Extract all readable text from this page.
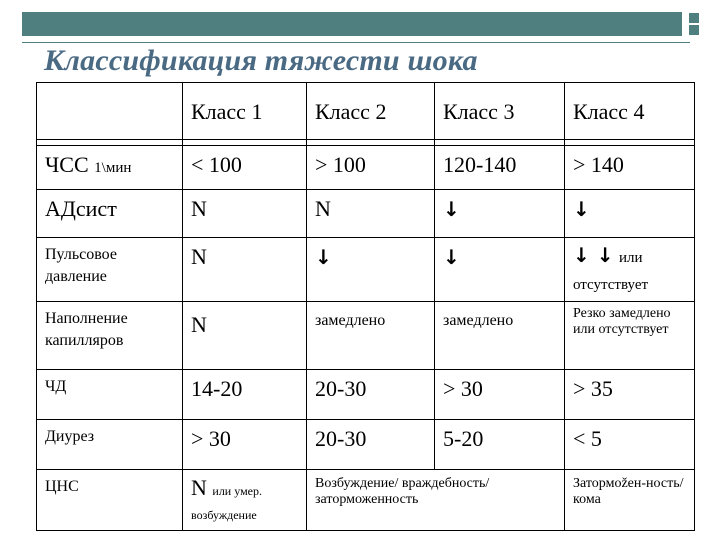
Классификация тяжести шока
	Класс 1	Класс 2	Класс 3	Класс 4

ЧСС 1\мин	< 100	> 100	120-140	> 140
АДсист	N	N	↓	↓
Пульсовое давление	N	↓	↓	↓ ↓ или отсутствует
Наполнение капилляров	N	замедлено	замедлено	Резко замедлено или отсутствует
ЧД	14-20	20-30	> 30	> 35
Диурез	> 30	20-30	5-20	< 5
ЦНС	N или умер. возбуждение	Возбуждение/ враждебность/ заторможенность		Затормožен-ность/ кома
